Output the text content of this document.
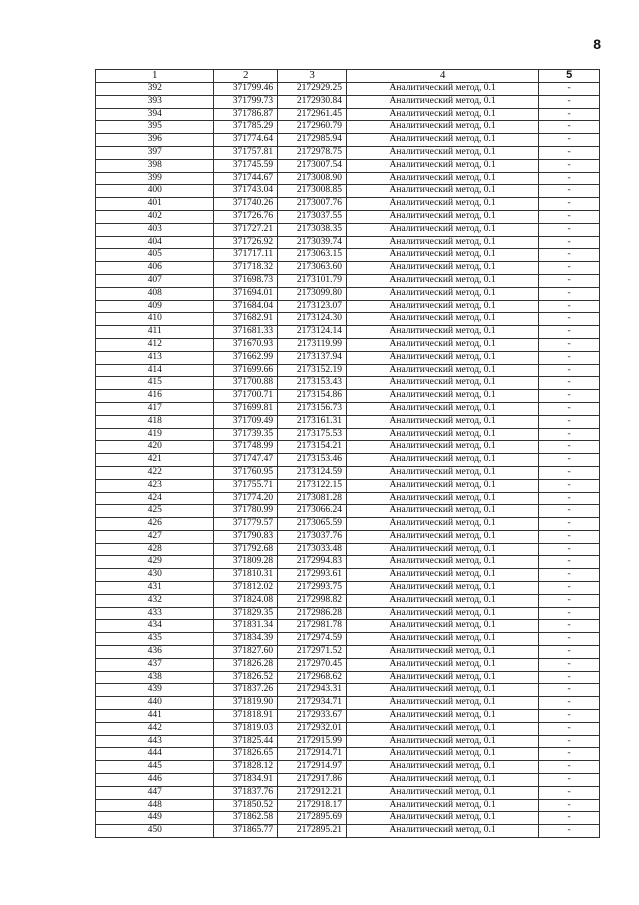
8
1	2	3	4	5
392	371799.46	2172929.25	Аналитический метод, 0.1	-
393	371799.73	2172930.84	Аналитический метод, 0.1	-
394	371786.87	2172961.45	Аналитический метод, 0.1	-
395	371785.29	2172960.79	Аналитический метод, 0.1	-
396	371774.64	2172985.94	Аналитический метод, 0.1	-
397	371757.81	2172978.75	Аналитический метод, 0.1	-
398	371745.59	2173007.54	Аналитический метод, 0.1	-
399	371744.67	2173008.90	Аналитический метод, 0.1	-
400	371743.04	2173008.85	Аналитический метод, 0.1	-
401	371740.26	2173007.76	Аналитический метод, 0.1	-
402	371726.76	2173037.55	Аналитический метод, 0.1	-
403	371727.21	2173038.35	Аналитический метод, 0.1	-
404	371726.92	2173039.74	Аналитический метод, 0.1	-
405	371717.11	2173063.15	Аналитический метод, 0.1	-
406	371718.32	2173063.60	Аналитический метод, 0.1	-
407	371698.73	2173101.79	Аналитический метод, 0.1	-
408	371694.01	2173099.80	Аналитический метод, 0.1	-
409	371684.04	2173123.07	Аналитический метод, 0.1	-
410	371682.91	2173124.30	Аналитический метод, 0.1	-
411	371681.33	2173124.14	Аналитический метод, 0.1	-
412	371670.93	2173119.99	Аналитический метод, 0.1	-
413	371662.99	2173137.94	Аналитический метод, 0.1	-
414	371699.66	2173152.19	Аналитический метод, 0.1	-
415	371700.88	2173153.43	Аналитический метод, 0.1	-
416	371700.71	2173154.86	Аналитический метод, 0.1	-
417	371699.81	2173156.73	Аналитический метод, 0.1	-
418	371709.49	2173161.31	Аналитический метод, 0.1	-
419	371739.35	2173175.53	Аналитический метод, 0.1	-
420	371748.99	2173154.21	Аналитический метод, 0.1	-
421	371747.47	2173153.46	Аналитический метод, 0.1	-
422	371760.95	2173124.59	Аналитический метод, 0.1	-
423	371755.71	2173122.15	Аналитический метод, 0.1	-
424	371774.20	2173081.28	Аналитический метод, 0.1	-
425	371780.99	2173066.24	Аналитический метод, 0.1	-
426	371779.57	2173065.59	Аналитический метод, 0.1	-
427	371790.83	2173037.76	Аналитический метод, 0.1	-
428	371792.68	2173033.48	Аналитический метод, 0.1	-
429	371809.28	2172994.83	Аналитический метод, 0.1	-
430	371810.31	2172993.61	Аналитический метод, 0.1	-
431	371812.02	2172993.75	Аналитический метод, 0.1	-
432	371824.08	2172998.82	Аналитический метод, 0.1	-
433	371829.35	2172986.28	Аналитический метод, 0.1	-
434	371831.34	2172981.78	Аналитический метод, 0.1	-
435	371834.39	2172974.59	Аналитический метод, 0.1	-
436	371827.60	2172971.52	Аналитический метод, 0.1	-
437	371826.28	2172970.45	Аналитический метод, 0.1	-
438	371826.52	2172968.62	Аналитический метод, 0.1	-
439	371837.26	2172943.31	Аналитический метод, 0.1	-
440	371819.90	2172934.71	Аналитический метод, 0.1	-
441	371818.91	2172933.67	Аналитический метод, 0.1	-
442	371819.03	2172932.01	Аналитический метод, 0.1	-
443	371825.44	2172915.99	Аналитический метод, 0.1	-
444	371826.65	2172914.71	Аналитический метод, 0.1	-
445	371828.12	2172914.97	Аналитический метод, 0.1	-
446	371834.91	2172917.86	Аналитический метод, 0.1	-
447	371837.76	2172912.21	Аналитический метод, 0.1	-
448	371850.52	2172918.17	Аналитический метод, 0.1	-
449	371862.58	2172895.69	Аналитический метод, 0.1	-
450	371865.77	2172895.21	Аналитический метод, 0.1	-
